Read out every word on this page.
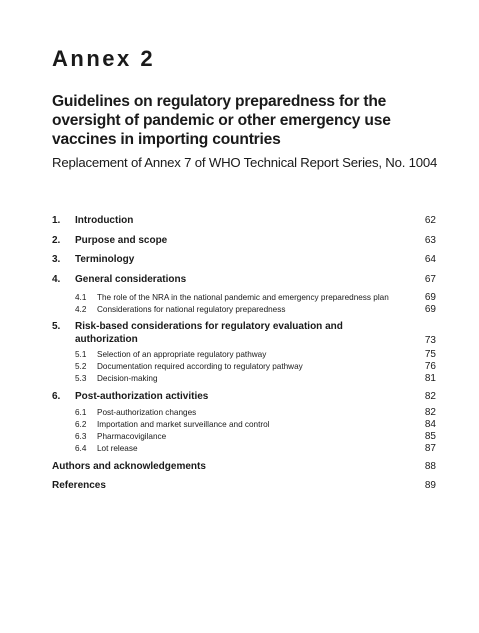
Annex 2
Guidelines on regulatory preparedness for the oversight of pandemic or other emergency use vaccines in importing countries
Replacement of Annex 7 of WHO Technical Report Series, No. 1004
1. Introduction	62
2. Purpose and scope	63
3. Terminology	64
4. General considerations	67
4.1 The role of the NRA in the national pandemic and emergency preparedness plan	69
4.2 Considerations for national regulatory preparedness	69
5. Risk-based considerations for regulatory evaluation and authorization	73
5.1 Selection of an appropriate regulatory pathway	75
5.2 Documentation required according to regulatory pathway	76
5.3 Decision-making	81
6. Post-authorization activities	82
6.1 Post-authorization changes	82
6.2 Importation and market surveillance and control	84
6.3 Pharmacovigilance	85
6.4 Lot release	87
Authors and acknowledgements	88
References	89
